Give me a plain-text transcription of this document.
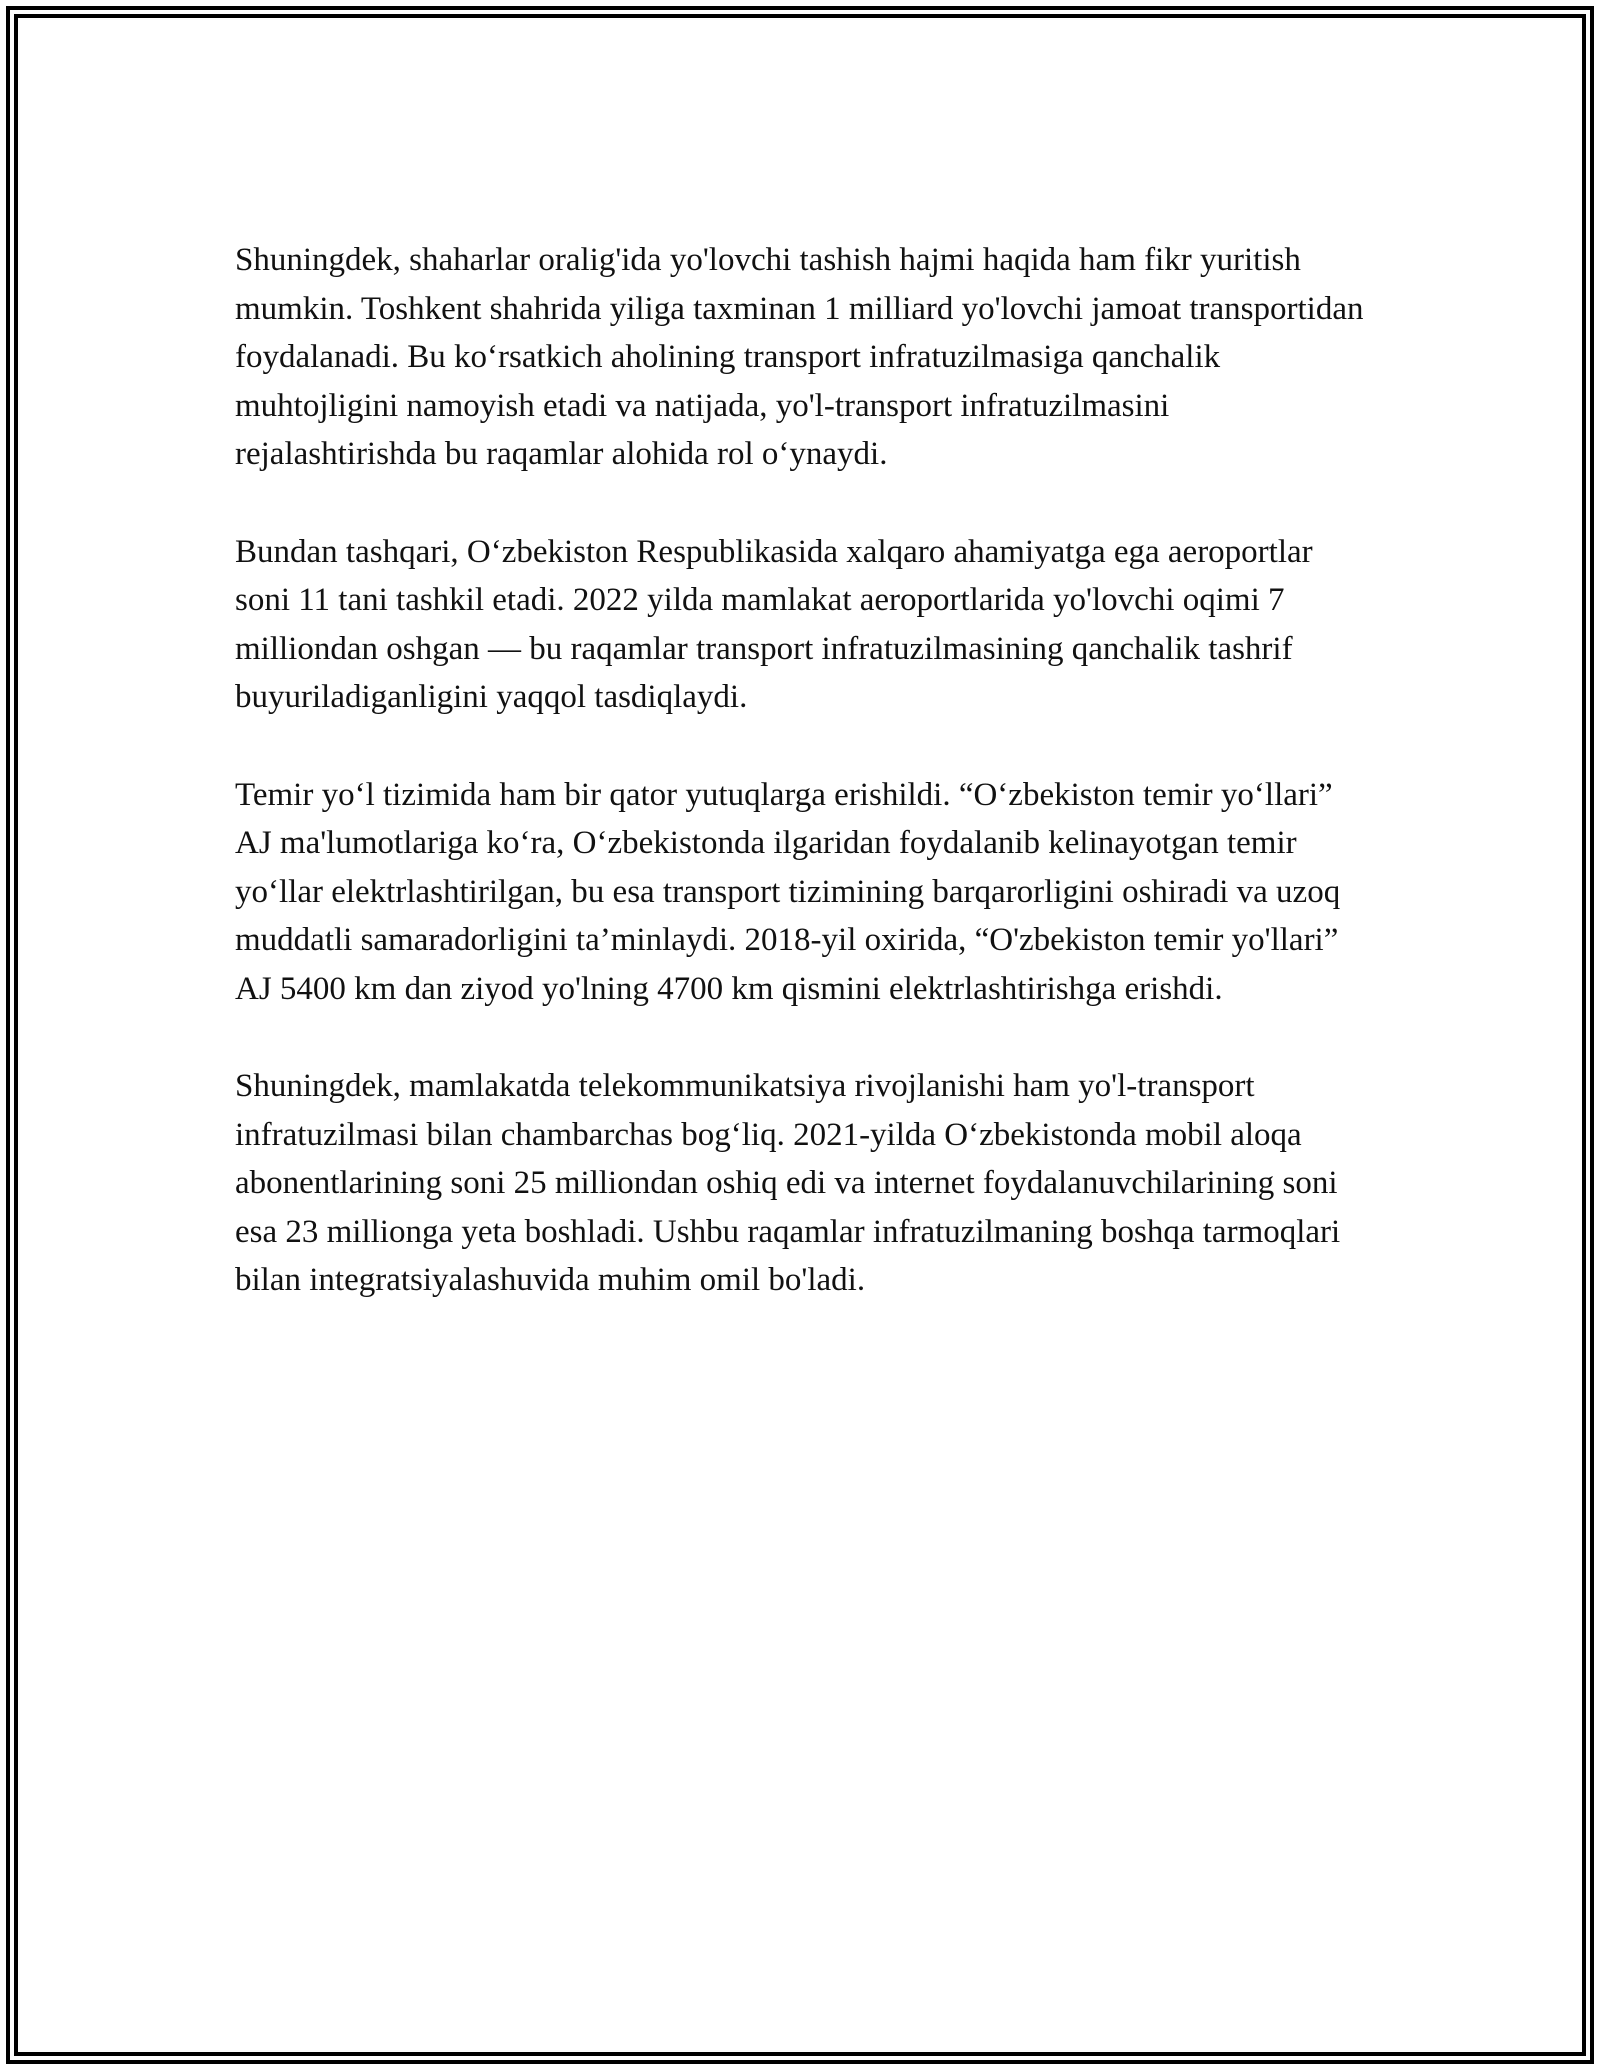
Shuningdek, shaharlar oralig'ida yo'lovchi tashish hajmi haqida ham fikr yuritish mumkin. Toshkent shahrida yiliga taxminan 1 milliard yo'lovchi jamoat transportidan foydalanadi. Bu ko‘rsatkich aholining transport infratuzilmasiga qanchalik muhtojligini namoyish etadi va natijada, yo'l-transport infratuzilmasini rejalashtirishda bu raqamlar alohida rol o‘ynaydi.

Bundan tashqari, O‘zbekiston Respublikasida xalqaro ahamiyatga ega aeroportlar soni 11 tani tashkil etadi. 2022 yilda mamlakat aeroportlarida yo'lovchi oqimi 7 milliondan oshgan — bu raqamlar transport infratuzilmasining qanchalik tashrif buyuriladiganligini yaqqol tasdiqlaydi.

Temir yo‘l tizimida ham bir qator yutuqlarga erishildi. “O‘zbekiston temir yo‘llari” AJ ma'lumotlariga ko‘ra, O‘zbekistonda ilgaridan foydalanib kelinayotgan temir yo‘llar elektrlashtirilgan, bu esa transport tizimining barqarorligini oshiradi va uzoq muddatli samaradorligini ta’minlaydi. 2018-yil oxirida, “O'zbekiston temir yo'llari” AJ 5400 km dan ziyod yo'lning 4700 km qismini elektrlashtirishga erishdi.

Shuningdek, mamlakatda telekommunikatsiya rivojlanishi ham yo'l-transport infratuzilmasi bilan chambarchas bog‘liq. 2021-yilda O‘zbekistonda mobil aloqa abonentlarining soni 25 milliondan oshiq edi va internet foydalanuvchilarining soni esa 23 millionga yeta boshladi. Ushbu raqamlar infratuzilmaning boshqa tarmoqlari bilan integratsiyalashuvida muhim omil bo'ladi.
